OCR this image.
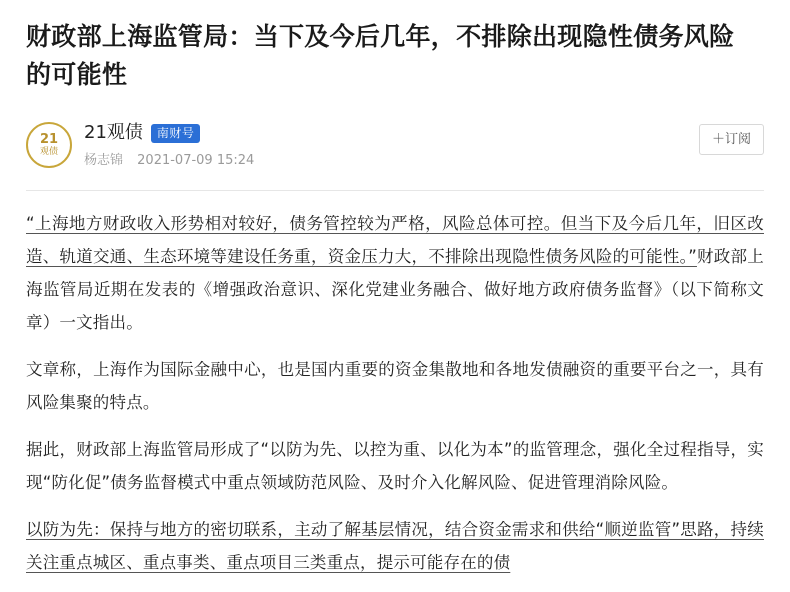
财政部上海监管局：当下及今后几年，不排除出现隐性债务风险的可能性
21
观债
21观债	南财号
杨志锦 2021-07-09 15:24
＋订阅

“上海地方财政收入形势相对较好，债务管控较为严格，风险总体可控。但当下及今后几年，旧区改造、轨道交通、生态环境等建设任务重，资金压力大，不排除出现隐性债务风险的可能性。”财政部上海监管局近期在发表的《增强政治意识、深化党建业务融合、做好地方政府债务监督》（以下简称文章）一文指出。

文章称，上海作为国际金融中心，也是国内重要的资金集散地和各地发债融资的重要平台之一，具有风险集聚的特点。

据此，财政部上海监管局形成了“以防为先、以控为重、以化为本”的监管理念，强化全过程指导，实现“防化促”债务监督模式中重点领域防范风险、及时介入化解风险、促进管理消除风险。

以防为先：保持与地方的密切联系，主动了解基层情况，结合资金需求和供给“顺逆监管”思路，持续关注重点城区、重点事类、重点项目三类重点，提示可能存在的债
